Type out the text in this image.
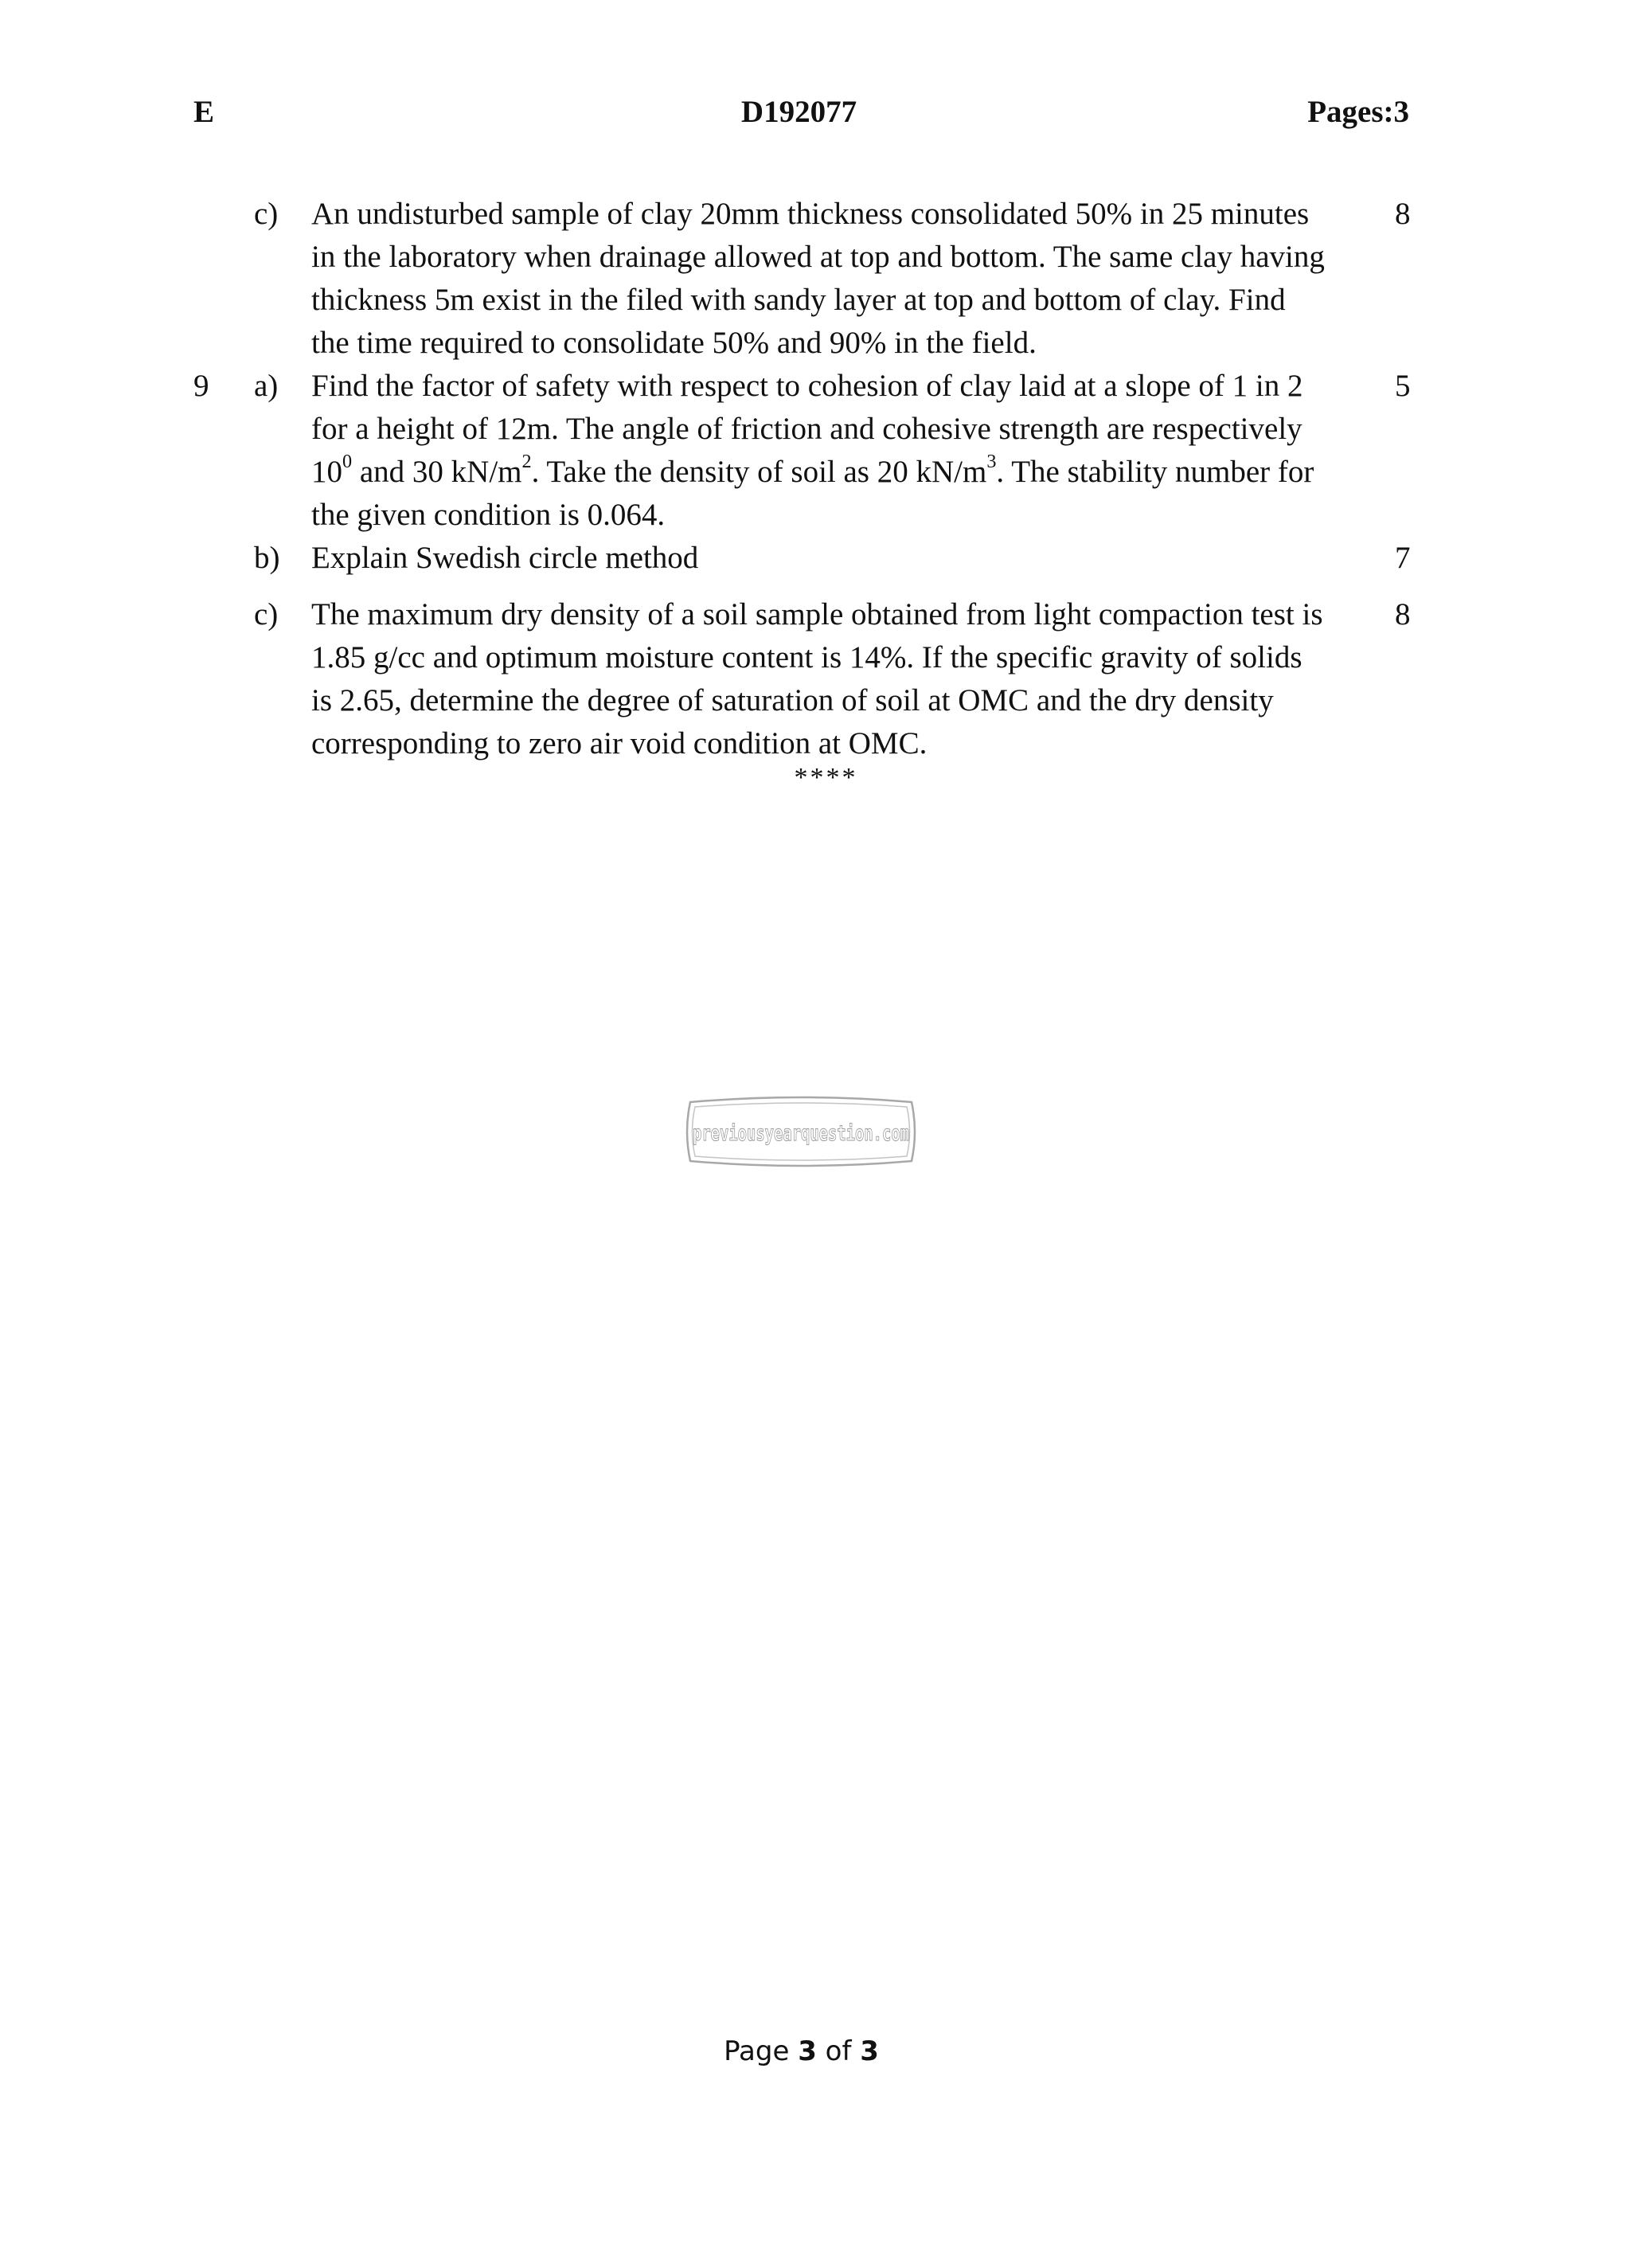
E	D192077	Pages:3
c)	8
An undisturbed sample of clay 20mm thickness consolidated 50% in 25 minutes
in the laboratory when drainage allowed at top and bottom. The same clay having
thickness 5m exist in the filed with sandy layer at top and bottom of clay. Find
the time required to consolidate 50% and 90% in the field.
9 a)	5
Find the factor of safety with respect to cohesion of clay laid at a slope of 1 in 2
for a height of 12m. The angle of friction and cohesive strength are respectively
$10^0$ and 30 $kN/m^2$. Take the density of soil as 20 $kN/m^3$. The stability number for
the given condition is 0.064.
b)	7
Explain Swedish circle method
c)	8
The maximum dry density of a soil sample obtained from light compaction test is
1.85 g/cc and optimum moisture content is 14%. If the specific gravity of solids
is 2.65, determine the degree of saturation of soil at OMC and the dry density
corresponding to zero air void condition at OMC.
****
previousyearquestion.com
Page 3 of 3
